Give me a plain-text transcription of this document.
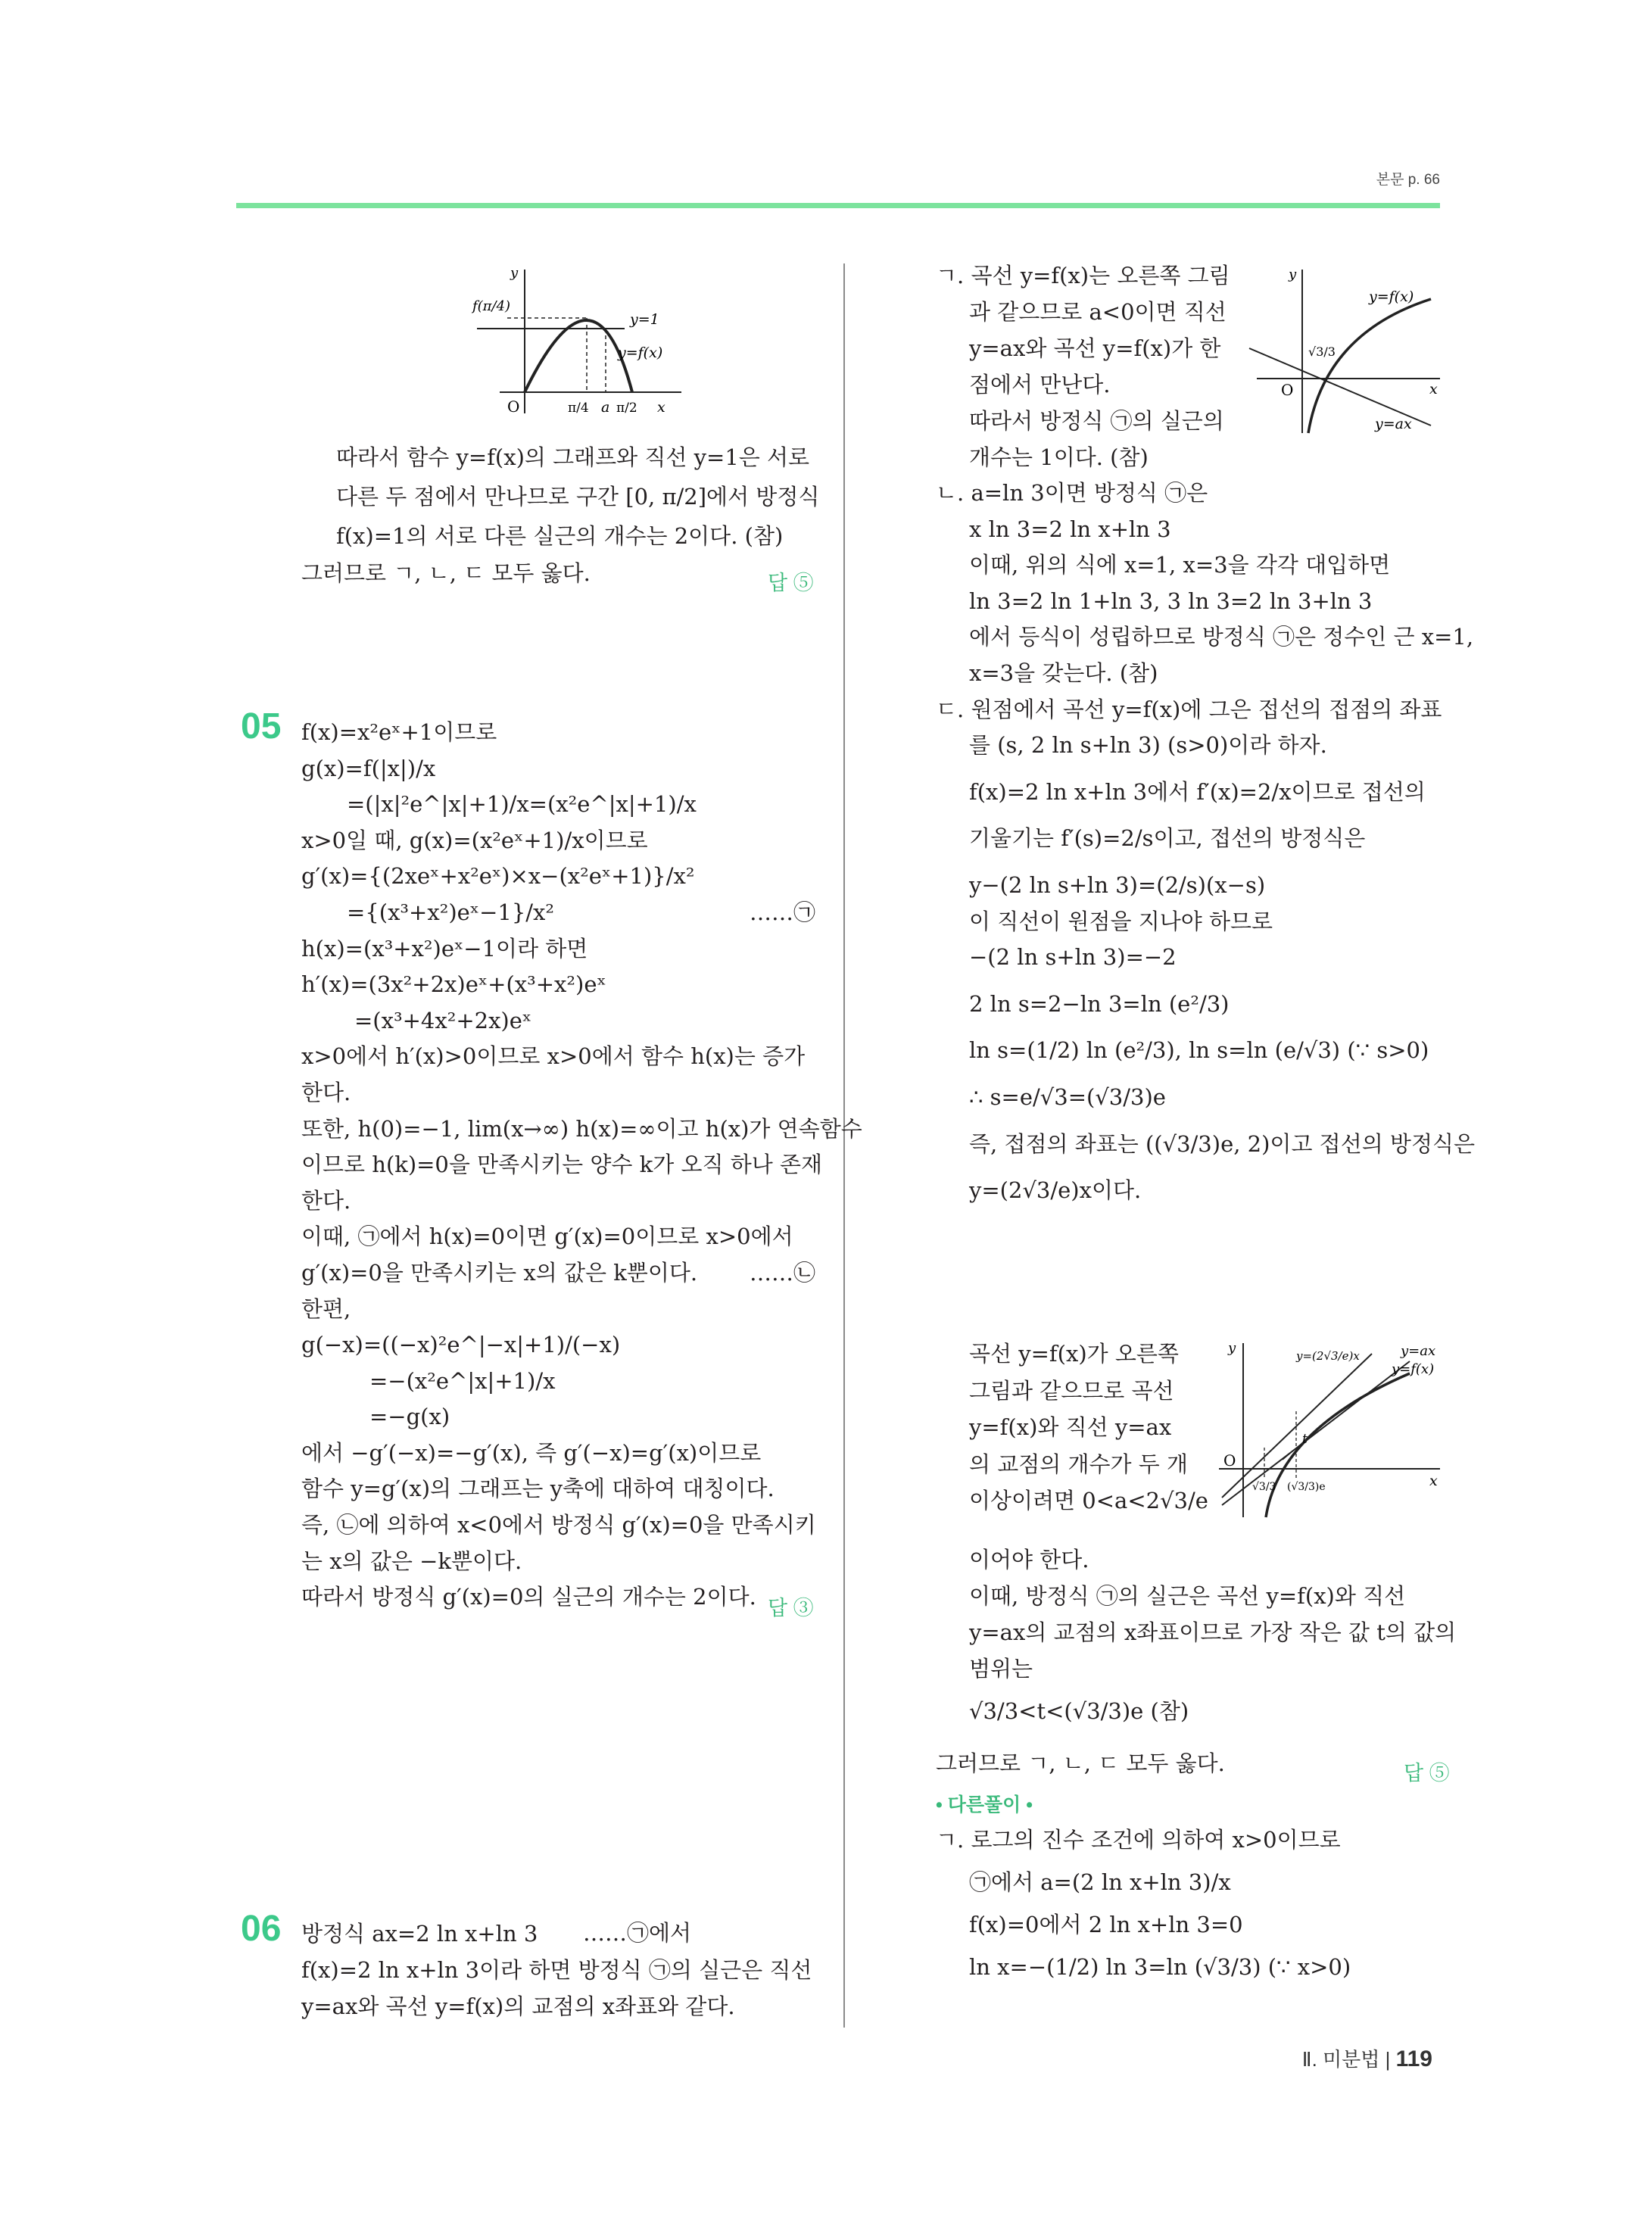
본문 p. 66
f(π/4)
y
y=1
y=f(x)
O	x
π/4 a π/2

따라서 함수 y=f(x)의 그래프와 직선 y=1은 서로

다른 두 점에서 만나므로 구간 [0, π/2]에서 방정식

f(x)=1의 서로 다른 실근의 개수는 2이다. (참)

그러므로 ㄱ, ㄴ, ㄷ 모두 옳다.	답 ⑤
05 f(x)=x²eˣ+1이므로

g(x)=f(|x|)/x

=(|x|²e^|x|+1)/x=(x²e^|x|+1)/x

x>0일 때, g(x)=(x²eˣ+1)/x이므로

g′(x)={(2xeˣ+x²eˣ)×x−(x²eˣ+1)}/x²

={(x³+x²)eˣ−1}/x²

h(x)=(x³+x²)eˣ−1이라 하면

h′(x)=(3x²+2x)eˣ+(x³+x²)eˣ

=(x³+4x²+2x)eˣ

x>0에서 h′(x)>0이므로 x>0에서 함수 h(x)는 증가

한다.

또한, h(0)=−1, lim(x→∞) h(x)=∞이고 h(x)가 연속함수

이므로 h(k)=0을 만족시키는 양수 k가 오직 하나 존재

한다.

이때, ㉠에서 h(x)=0이면 g′(x)=0이므로 x>0에서

g′(x)=0을 만족시키는 x의 값은 k뿐이다.

한편,

g(−x)=((−x)²e^|−x|+1)/(−x)

=−(x²e^|x|+1)/x

=−g(x)

에서 −g′(−x)=−g′(x), 즉 g′(−x)=g′(x)이므로

함수 y=g′(x)의 그래프는 y축에 대하여 대칭이다.

즉, ㉡에 의하여 x<0에서 방정식 g′(x)=0을 만족시키

는 x의 값은 −k뿐이다.

따라서 방정식 g′(x)=0의 실근의 개수는 2이다.

……㉠

……㉡

답 ③
06 방정식 ax=2 ln x+ln 3

f(x)=2 ln x+ln 3이라 하면 방정식 ㉠의 실근은 직선

y=ax와 곡선 y=f(x)의 교점의 x좌표와 같다.

……㉠에서

ㄱ. 곡선 y=f(x)는 오른쪽 그림

과 같으므로 a<0이면 직선

y=ax와 곡선 y=f(x)가 한

점에서 만난다.

따라서 방정식 ㉠의 실근의

개수는 1이다. (참)

y
y=f(x)
√3/3
O	x
y=ax

ㄴ. a=ln 3이면 방정식 ㉠은

x ln 3=2 ln x+ln 3

이때, 위의 식에 x=1, x=3을 각각 대입하면

ln 3=2 ln 1+ln 3, 3 ln 3=2 ln 3+ln 3

에서 등식이 성립하므로 방정식 ㉠은 정수인 근 x=1,

x=3을 갖는다. (참)

ㄷ. 원점에서 곡선 y=f(x)에 그은 접선의 접점의 좌표

를 (s, 2 ln s+ln 3) (s>0)이라 하자.

f(x)=2 ln x+ln 3에서 f′(x)=2/x이므로 접선의

기울기는 f′(s)=2/s이고, 접선의 방정식은

y−(2 ln s+ln 3)=(2/s)(x−s)

이 직선이 원점을 지나야 하므로

−(2 ln s+ln 3)=−2

2 ln s=2−ln 3=ln (e²/3)

ln s=(1/2) ln (e²/3), ln s=ln (e/√3) (∵ s>0)

∴ s=e/√3=(√3/3)e

즉, 접점의 좌표는 ((√3/3)e, 2)이고 접선의 방정식은

y=(2√3/e)x이다.

곡선 y=f(x)가 오른쪽

그림과 같으므로 곡선

y=f(x)와 직선 y=ax

의 교점의 개수가 두 개

이상이려면 0<a<2√3/e

y	y=(2√3/e)x	y=ax
y=f(x)
O
x
t
√3/3 (√3/3)e

이어야 한다.

이때, 방정식 ㉠의 실근은 곡선 y=f(x)와 직선

y=ax의 교점의 x좌표이므로 가장 작은 값 t의 값의

범위는

√3/3<t<(√3/3)e (참)

그러므로 ㄱ, ㄴ, ㄷ 모두 옳다.	답 ⑤
• 다른풀이 •

ㄱ. 로그의 진수 조건에 의하여 x>0이므로

㉠에서 a=(2 ln x+ln 3)/x

f(x)=0에서 2 ln x+ln 3=0

ln x=−(1/2) ln 3=ln (√3/3) (∵ x>0)

Ⅱ. 미분법 | 119
